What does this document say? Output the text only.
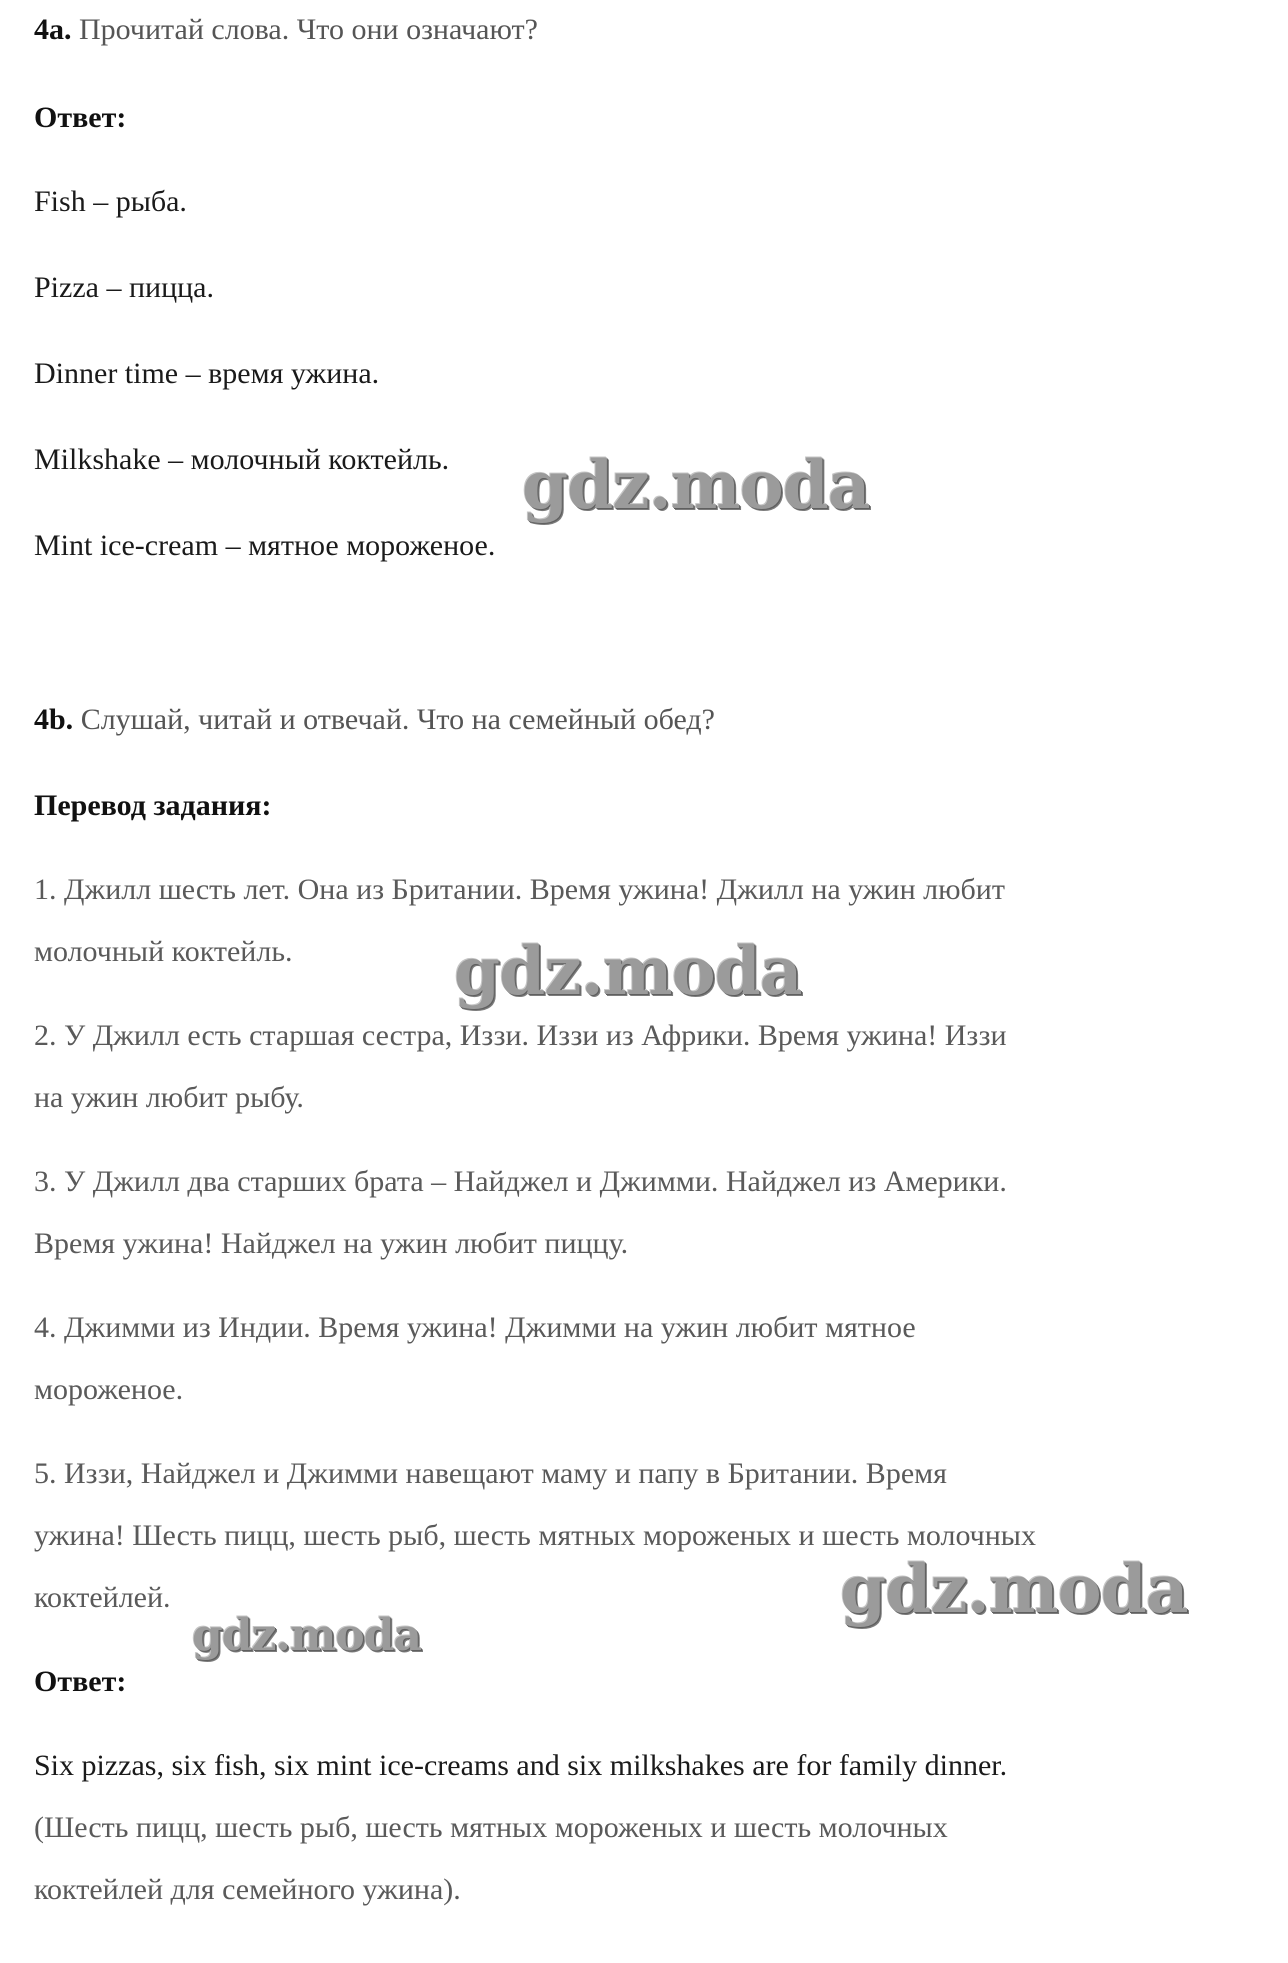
4a. Прочитай слова. Что они означают?
Ответ:
Fish – рыба.
Pizza – пицца.
Dinner time – время ужина.
Milkshake – молочный коктейль.
Mint ice-cream – мятное мороженое.
4b. Слушай, читай и отвечай. Что на семейный обед?
Перевод задания:
1. Джилл шесть лет. Она из Британии. Время ужина! Джилл на ужин любит
молочный коктейль.
2. У Джилл есть старшая сестра, Иззи. Иззи из Африки. Время ужина! Иззи
на ужин любит рыбу.
3. У Джилл два старших брата – Найджел и Джимми. Найджел из Америки.
Время ужина! Найджел на ужин любит пиццу.
4. Джимми из Индии. Время ужина! Джимми на ужин любит мятное
мороженое.
5. Иззи, Найджел и Джимми навещают маму и папу в Британии. Время
ужина! Шесть пицц, шесть рыб, шесть мятных мороженых и шесть молочных
коктейлей.
Ответ:
Six pizzas, six fish, six mint ice-creams and six milkshakes are for family dinner.
(Шесть пицц, шесть рыб, шесть мятных мороженых и шесть молочных
коктейлей для семейного ужина).
gdz.moda
gdz.moda
gdz.moda
gdz.moda
